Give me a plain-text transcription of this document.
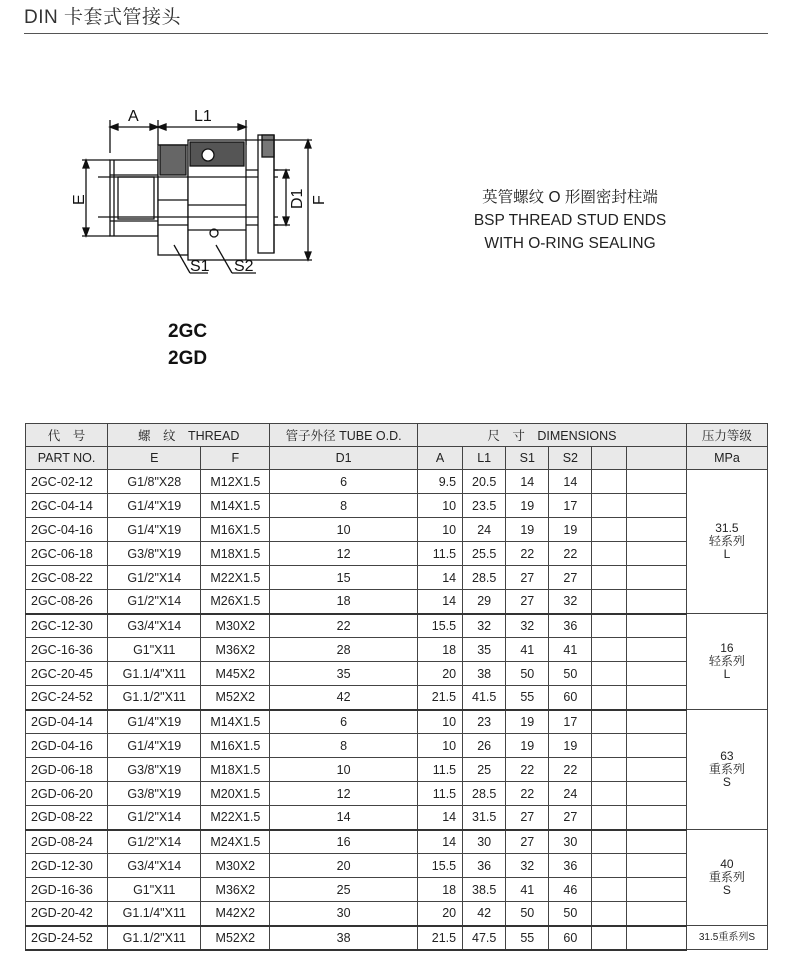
DIN 卡套式管接头
A	L1
E	D1 F
S1 S2
英管螺纹 O 形圈密封柱端
BSP THREAD STUD ENDS
WITH O-RING SEALING
2GC
2GD
代　号	螺　纹　THREAD		管子外径 TUBE O.D.	尺　寸　DIMENSIONS						压力等级
PART NO.	E	F	D1	A	L1	S1	S2			MPa
2GC-02-12	G1/8"X28	M12X1.5	6	9.5	20.5	14	14			31.5
轻系列
L

2GC-04-14	G1/4"X19	M14X1.5	8	10	23.5	19	17			
2GC-04-16	G1/4"X19	M16X1.5	10	10	24	19	19			
2GC-06-18	G3/8"X19	M18X1.5	12	11.5	25.5	22	22			
2GC-08-22	G1/2"X14	M22X1.5	15	14	28.5	27	27			
2GC-08-26	G1/2"X14	M26X1.5	18	14	29	27	32			
2GC-12-30	G3/4"X14	M30X2	22	15.5	32	32	36			16
轻系列
L

2GC-16-36	G1"X11	M36X2	28	18	35	41	41			
2GC-20-45	G1.1/4"X11	M45X2	35	20	38	50	50			
2GC-24-52	G1.1/2"X11	M52X2	42	21.5	41.5	55	60			
2GD-04-14	G1/4"X19	M14X1.5	6	10	23	19	17			63
重系列
S

2GD-04-16	G1/4"X19	M16X1.5	8	10	26	19	19			
2GD-06-18	G3/8"X19	M18X1.5	10	11.5	25	22	22			
2GD-06-20	G3/8"X19	M20X1.5	12	11.5	28.5	22	24			
2GD-08-22	G1/2"X14	M22X1.5	14	14	31.5	27	27			
2GD-08-24	G1/2"X14	M24X1.5	16	14	30	27	30			40
重系列
S

2GD-12-30	G3/4"X14	M30X2	20	15.5	36	32	36			
2GD-16-36	G1"X11	M36X2	25	18	38.5	41	46			
2GD-20-42	G1.1/4"X11	M42X2	30	20	42	50	50			
2GD-24-52	G1.1/2"X11	M52X2	38	21.5	47.5	55	60			31.5重系列S
